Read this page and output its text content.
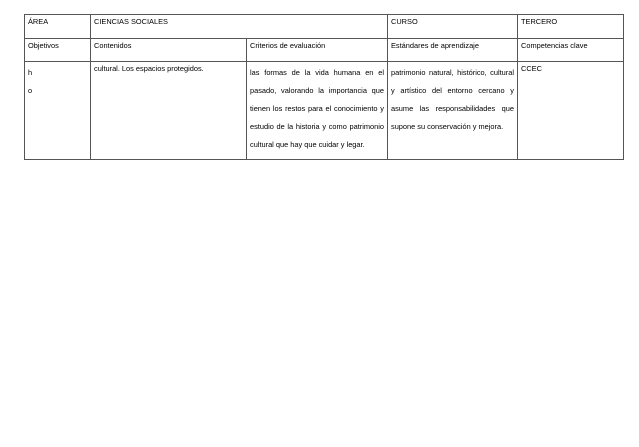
ÁREA	CIENCIAS SOCIALES		CURSO	TERCERO
Objetivos	Contenidos	Criterios de evaluación	Estándares de aprendizaje	Competencias clave

h
o	cultural. Los espacios protegidos.	las formas de la vida humana en el pasado, valorando la importancia que tienen los restos para el conocimiento y estudio de la historia y como patrimonio cultural que hay que cuidar y legar.	patrimonio natural, histórico, cultural y artístico del entorno cercano y asume las responsabilidades que supone su conservación y mejora.	CCEC
